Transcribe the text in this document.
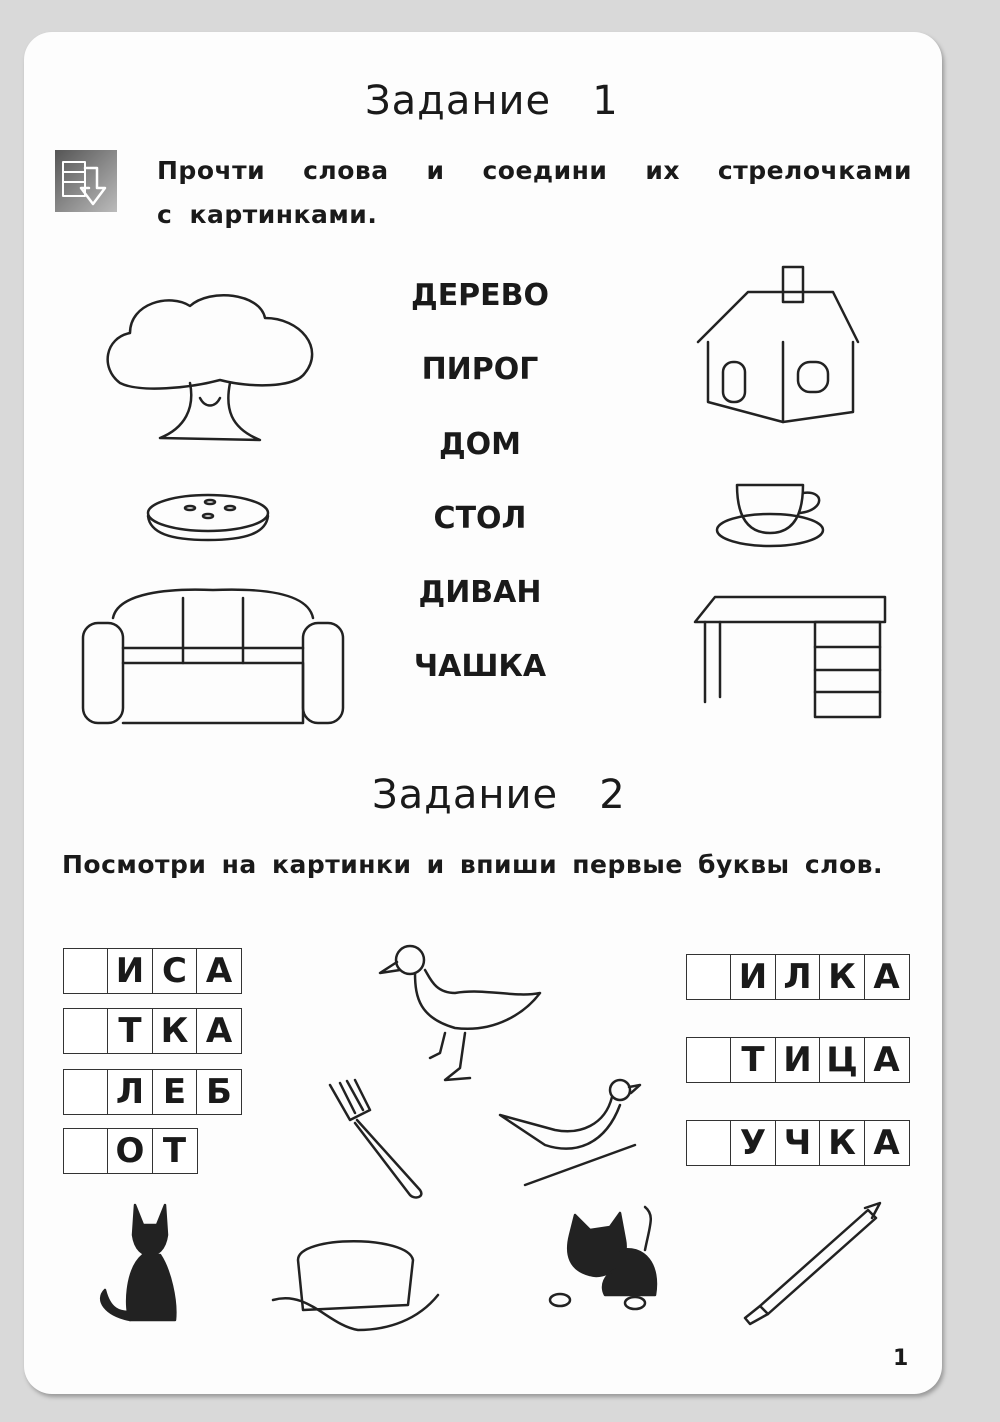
Задание   1
Прочти слова и соедини их стрелочками
с картинками.
ДЕРЕВО
ПИРОГ
ДОМ
СТОЛ
ДИВАН
ЧАШКА
Задание   2
Посмотри на картинки и впиши первые буквы слов.
И С А
Т К А
Л Е Б
О Т
И Л К А
Т И Ц А
У Ч К А
1
